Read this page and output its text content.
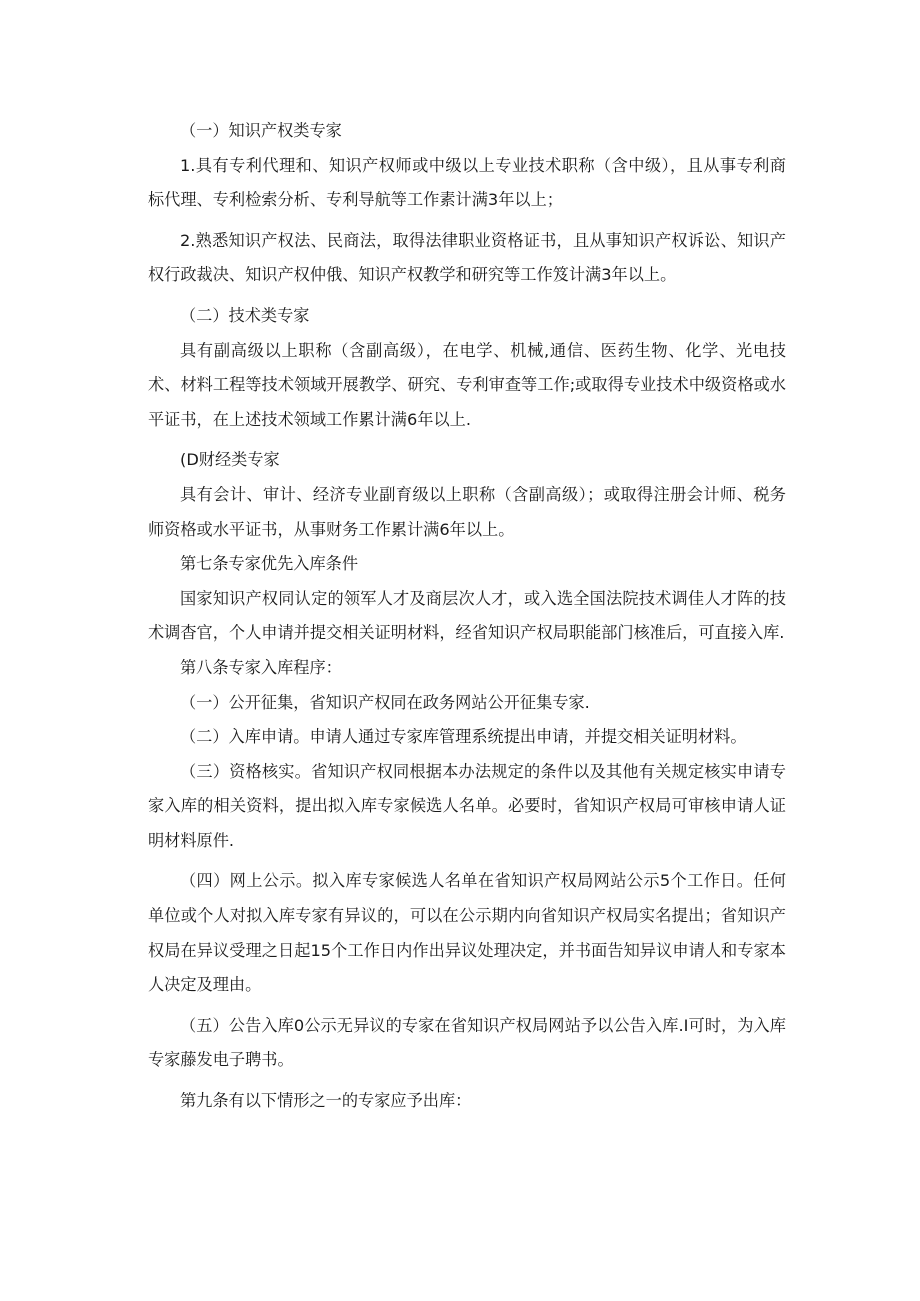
（一）知识产权类专家

1.具有专利代理和、知识产权师或中级以上专业技术职称（含中级），且从事专利商标代理、专利检索分析、专利导航等工作素计满3年以上；

2.熟悉知识产权法、民商法，取得法律职业资格证书，且从事知识产权诉讼、知识产权行政裁决、知识产权仲俄、知识产权教学和研究等工作笈计满3年以上。

（二）技术类专家

具有副高级以上职称（含副高级），在电学、机械,通信、医药生物、化学、光电技术、材料工程等技术领域开展教学、研究、专利审查等工作;或取得专业技术中级资格或水平证书，在上述技术领域工作累计满6年以上.

(D财经类专家

具有会计、审计、经济专业副育级以上职称（含副高级）；或取得注册会计师、税务师资格或水平证书，从事财务工作累计满6年以上。

第七条专家优先入库条件

国家知识产权同认定的领军人才及商层次人才，或入选全国法院技术调佳人才阵的技术调杳官，个人申请并提交相关证明材料，经省知识产权局职能部门核准后，可直接入库.

第八条专家入库程序：

（一）公开征集，省知识产权同在政务网站公开征集专家.

（二）入库申请。申请人通过专家库管理系统提出申请，并提交相关证明材料。

（三）资格核实。省知识产权同根据本办法规定的条件以及其他有关规定核实申请专家入库的相关资料，提出拟入库专家候选人名单。必要时，省知识产权局可审核申请人证明材料原件.

（四）网上公示。拟入库专家候选人名单在省知识产权局网站公示5个工作日。任何单位或个人对拟入库专家有异议的，可以在公示期内向省知识产权局实名提出；省知识产权局在异议受理之日起15个工作日内作出异议处理决定，并书面告知异议申请人和专家本人决定及理由。

（五）公告入库0公示无异议的专家在省知识产权局网站予以公告入库.I可时，为入库专家藤发电子聘书。

第九条有以下情形之一的专家应予出库：
